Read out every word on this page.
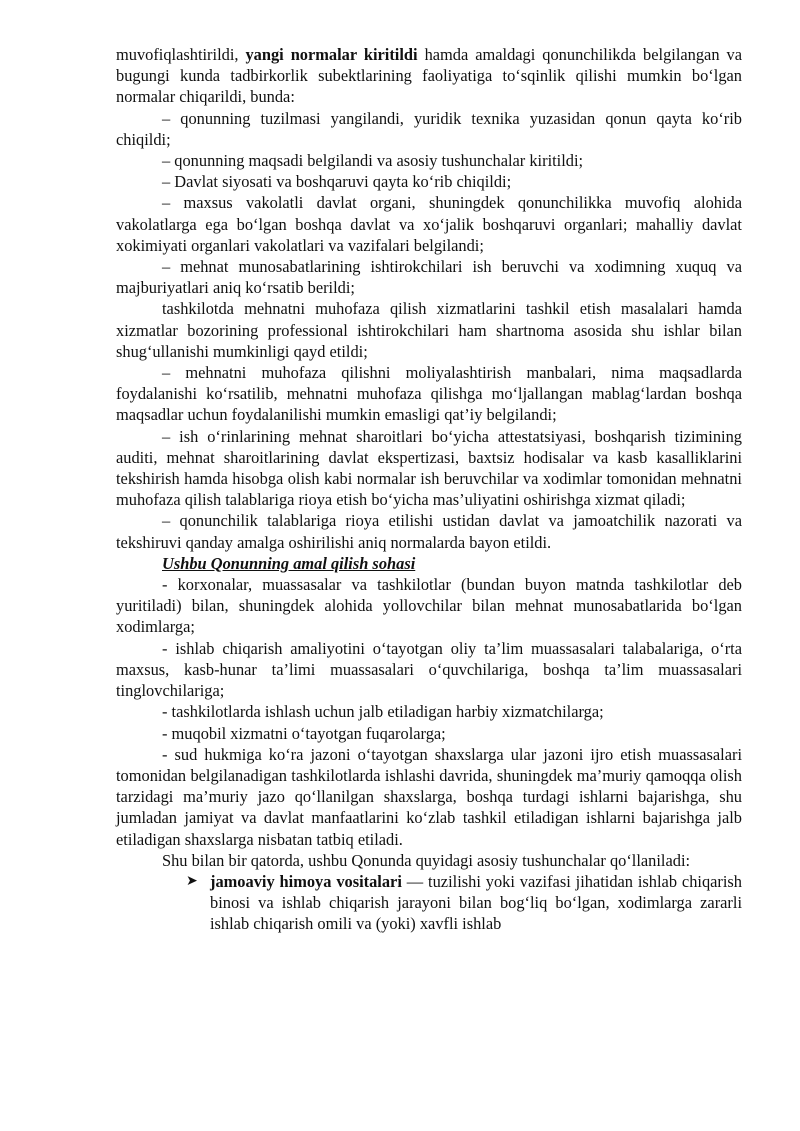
muvofiqlashtirildi, yangi normalar kiritildi hamda amaldagi qonunchilikda belgilangan va bugungi kunda tadbirkorlik subektlarining faoliyatiga to‘sqinlik qilishi mumkin bo‘lgan normalar chiqarildi, bunda:

– qonunning tuzilmasi yangilandi, yuridik texnika yuzasidan qonun qayta ko‘rib chiqildi;

– qonunning maqsadi belgilandi va asosiy tushunchalar kiritildi;

– Davlat siyosati va boshqaruvi qayta ko‘rib chiqildi;

– maxsus vakolatli davlat organi, shuningdek qonunchilikka muvofiq alohida vakolatlarga ega bo‘lgan boshqa davlat va xo‘jalik boshqaruvi organlari; mahalliy davlat xokimiyati organlari vakolatlari va vazifalari belgilandi;

– mehnat munosabatlarining ishtirokchilari ish beruvchi va xodimning xuquq va majburiyatlari aniq ko‘rsatib berildi;

tashkilotda mehnatni muhofaza qilish xizmatlarini tashkil etish masalalari hamda xizmatlar bozorining professional ishtirokchilari ham shartnoma asosida shu ishlar bilan shug‘ullanishi mumkinligi qayd etildi;

– mehnatni muhofaza qilishni moliyalashtirish manbalari, nima maqsadlarda foydalanishi ko‘rsatilib, mehnatni muhofaza qilishga mo‘ljallangan mablag‘lardan boshqa maqsadlar uchun foydalanilishi mumkin emasligi qat’iy belgilandi;

– ish o‘rinlarining mehnat sharoitlari bo‘yicha attestatsiyasi, boshqarish tizimining auditi, mehnat sharoitlarining davlat ekspertizasi, baxtsiz hodisalar va kasb kasalliklarini tekshirish hamda hisobga olish kabi normalar ish beruvchilar va xodimlar tomonidan mehnatni muhofaza qilish talablariga rioya etish bo‘yicha mas’uliyatini oshirishga xizmat qiladi;

– qonunchilik talablariga rioya etilishi ustidan davlat va jamoatchilik nazorati va tekshiruvi qanday amalga oshirilishi aniq normalarda bayon etildi.

Ushbu Qonunning amal qilish sohasi

- korxonalar, muassasalar va tashkilotlar (bundan buyon matnda tashkilotlar deb yuritiladi) bilan, shuningdek alohida yollovchilar bilan mehnat munosabatlarida bo‘lgan xodimlarga;

- ishlab chiqarish amaliyotini o‘tayotgan oliy ta’lim muassasalari talabalariga, o‘rta maxsus, kasb-hunar ta’limi muassasalari o‘quvchilariga, boshqa ta’lim muassasalari tinglovchilariga;

- tashkilotlarda ishlash uchun jalb etiladigan harbiy xizmatchilarga;

- muqobil xizmatni o‘tayotgan fuqarolarga;

- sud hukmiga ko‘ra jazoni o‘tayotgan shaxslarga ular jazoni ijro etish muassasalari tomonidan belgilanadigan tashkilotlarda ishlashi davrida, shuningdek ma’muriy qamoqqa olish tarzidagi ma’muriy jazo qo‘llanilgan shaxslarga, boshqa turdagi ishlarni bajarishga, shu jumladan jamiyat va davlat manfaatlarini ko‘zlab tashkil etiladigan ishlarni bajarishga jalb etiladigan shaxslarga nisbatan tatbiq etiladi.

Shu bilan bir qatorda, ushbu Qonunda quyidagi asosiy tushunchalar qo‘llaniladi:

➤ jamoaviy himoya vositalari — tuzilishi yoki vazifasi jihatidan ishlab chiqarish binosi va ishlab chiqarish jarayoni bilan bog‘liq bo‘lgan, xodimlarga zararli ishlab chiqarish omili va (yoki) xavfli ishlab
